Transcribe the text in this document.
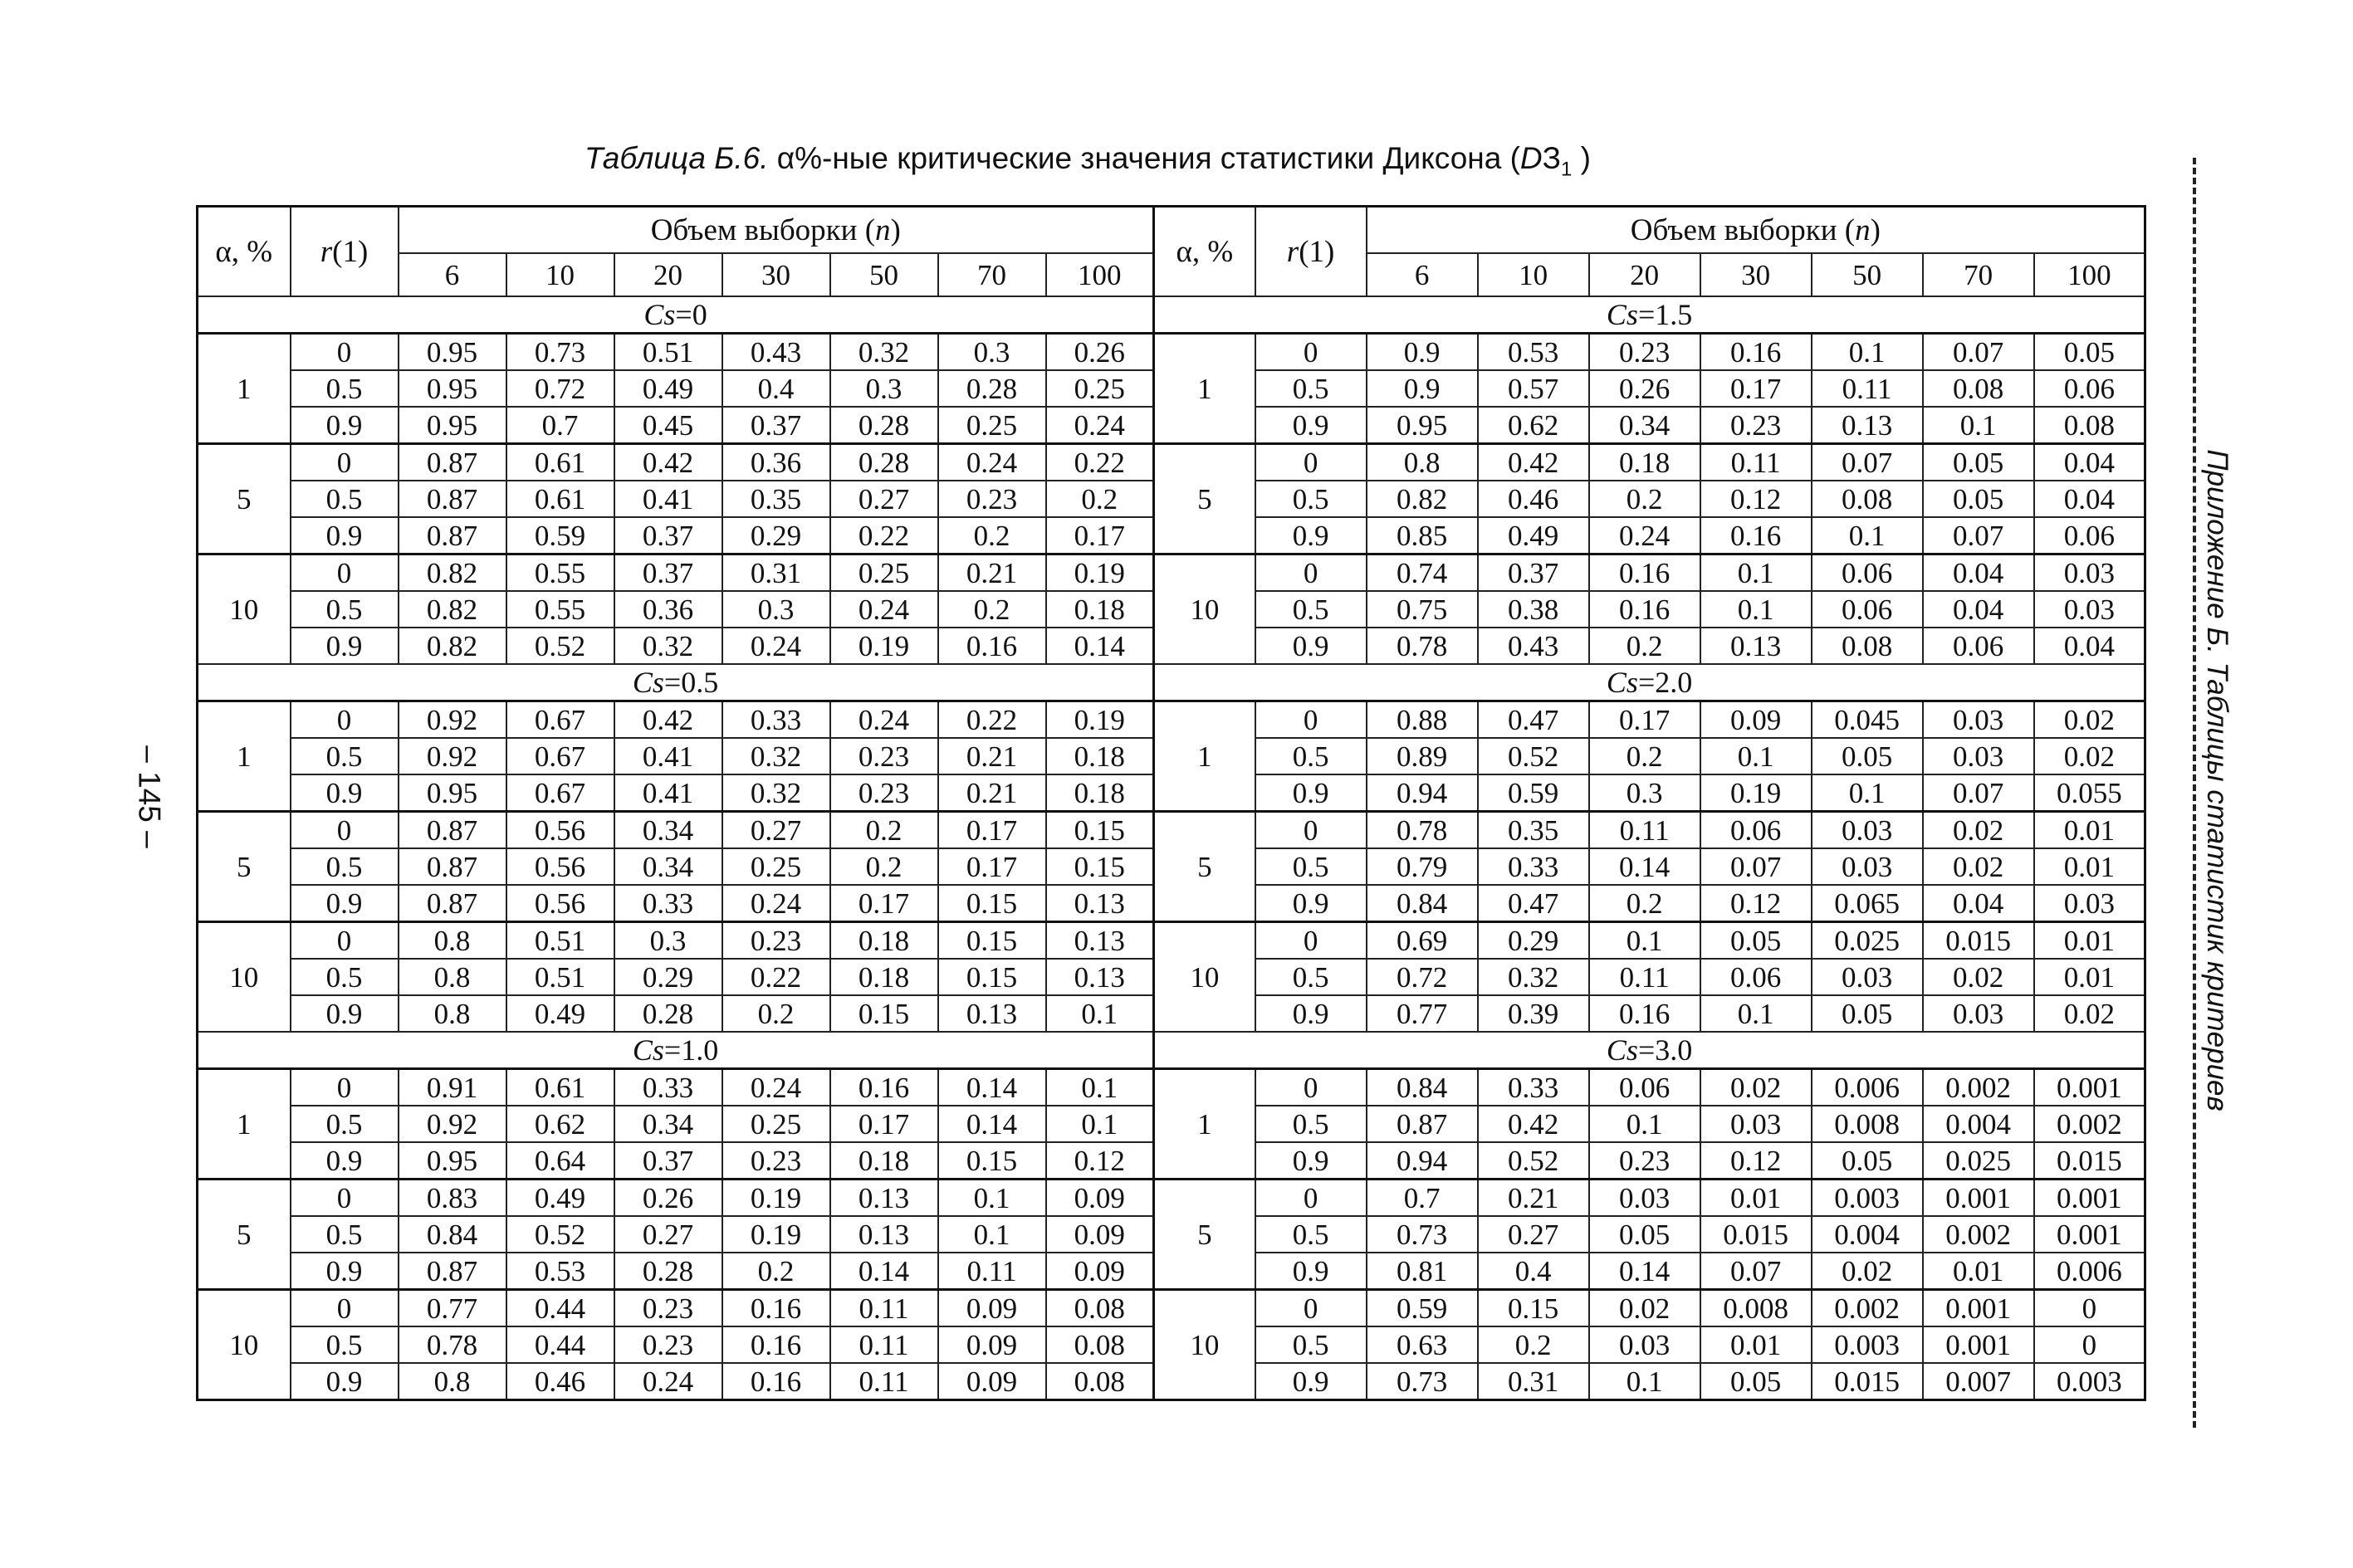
Таблица Б.6. α%-ные критические значения статистики Диксона ($DЗ_1$ )
α, %	r(1)	Объем выборки (n)							α, %	r(1)	Объем выборки (n)						
		6	10	20	30	50	70	100			6	10	20	30	50	70	100
Cs=0									Cs=1.5								
1	0	0.95	0.73	0.51	0.43	0.32	0.3	0.26	1	0	0.9	0.53	0.23	0.16	0.1	0.07	0.05
	0.5	0.95	0.72	0.49	0.4	0.3	0.28	0.25		0.5	0.9	0.57	0.26	0.17	0.11	0.08	0.06
	0.9	0.95	0.7	0.45	0.37	0.28	0.25	0.24		0.9	0.95	0.62	0.34	0.23	0.13	0.1	0.08
5	0	0.87	0.61	0.42	0.36	0.28	0.24	0.22	5	0	0.8	0.42	0.18	0.11	0.07	0.05	0.04
	0.5	0.87	0.61	0.41	0.35	0.27	0.23	0.2		0.5	0.82	0.46	0.2	0.12	0.08	0.05	0.04
	0.9	0.87	0.59	0.37	0.29	0.22	0.2	0.17		0.9	0.85	0.49	0.24	0.16	0.1	0.07	0.06
10	0	0.82	0.55	0.37	0.31	0.25	0.21	0.19	10	0	0.74	0.37	0.16	0.1	0.06	0.04	0.03
	0.5	0.82	0.55	0.36	0.3	0.24	0.2	0.18		0.5	0.75	0.38	0.16	0.1	0.06	0.04	0.03
	0.9	0.82	0.52	0.32	0.24	0.19	0.16	0.14		0.9	0.78	0.43	0.2	0.13	0.08	0.06	0.04
Cs=0.5									Cs=2.0								
1	0	0.92	0.67	0.42	0.33	0.24	0.22	0.19	1	0	0.88	0.47	0.17	0.09	0.045	0.03	0.02
	0.5	0.92	0.67	0.41	0.32	0.23	0.21	0.18		0.5	0.89	0.52	0.2	0.1	0.05	0.03	0.02
	0.9	0.95	0.67	0.41	0.32	0.23	0.21	0.18		0.9	0.94	0.59	0.3	0.19	0.1	0.07	0.055
5	0	0.87	0.56	0.34	0.27	0.2	0.17	0.15	5	0	0.78	0.35	0.11	0.06	0.03	0.02	0.01
	0.5	0.87	0.56	0.34	0.25	0.2	0.17	0.15		0.5	0.79	0.33	0.14	0.07	0.03	0.02	0.01
	0.9	0.87	0.56	0.33	0.24	0.17	0.15	0.13		0.9	0.84	0.47	0.2	0.12	0.065	0.04	0.03
10	0	0.8	0.51	0.3	0.23	0.18	0.15	0.13	10	0	0.69	0.29	0.1	0.05	0.025	0.015	0.01
	0.5	0.8	0.51	0.29	0.22	0.18	0.15	0.13		0.5	0.72	0.32	0.11	0.06	0.03	0.02	0.01
	0.9	0.8	0.49	0.28	0.2	0.15	0.13	0.1		0.9	0.77	0.39	0.16	0.1	0.05	0.03	0.02
Cs=1.0									Cs=3.0								
1	0	0.91	0.61	0.33	0.24	0.16	0.14	0.1	1	0	0.84	0.33	0.06	0.02	0.006	0.002	0.001
	0.5	0.92	0.62	0.34	0.25	0.17	0.14	0.1		0.5	0.87	0.42	0.1	0.03	0.008	0.004	0.002
	0.9	0.95	0.64	0.37	0.23	0.18	0.15	0.12		0.9	0.94	0.52	0.23	0.12	0.05	0.025	0.015
5	0	0.83	0.49	0.26	0.19	0.13	0.1	0.09	5	0	0.7	0.21	0.03	0.01	0.003	0.001	0.001
	0.5	0.84	0.52	0.27	0.19	0.13	0.1	0.09		0.5	0.73	0.27	0.05	0.015	0.004	0.002	0.001
	0.9	0.87	0.53	0.28	0.2	0.14	0.11	0.09		0.9	0.81	0.4	0.14	0.07	0.02	0.01	0.006
10	0	0.77	0.44	0.23	0.16	0.11	0.09	0.08	10	0	0.59	0.15	0.02	0.008	0.002	0.001	0
	0.5	0.78	0.44	0.23	0.16	0.11	0.09	0.08		0.5	0.63	0.2	0.03	0.01	0.003	0.001	0
	0.9	0.8	0.46	0.24	0.16	0.11	0.09	0.08		0.9	0.73	0.31	0.1	0.05	0.015	0.007	0.003
– 145 –	Приложение Б. Таблицы статистик критериев
